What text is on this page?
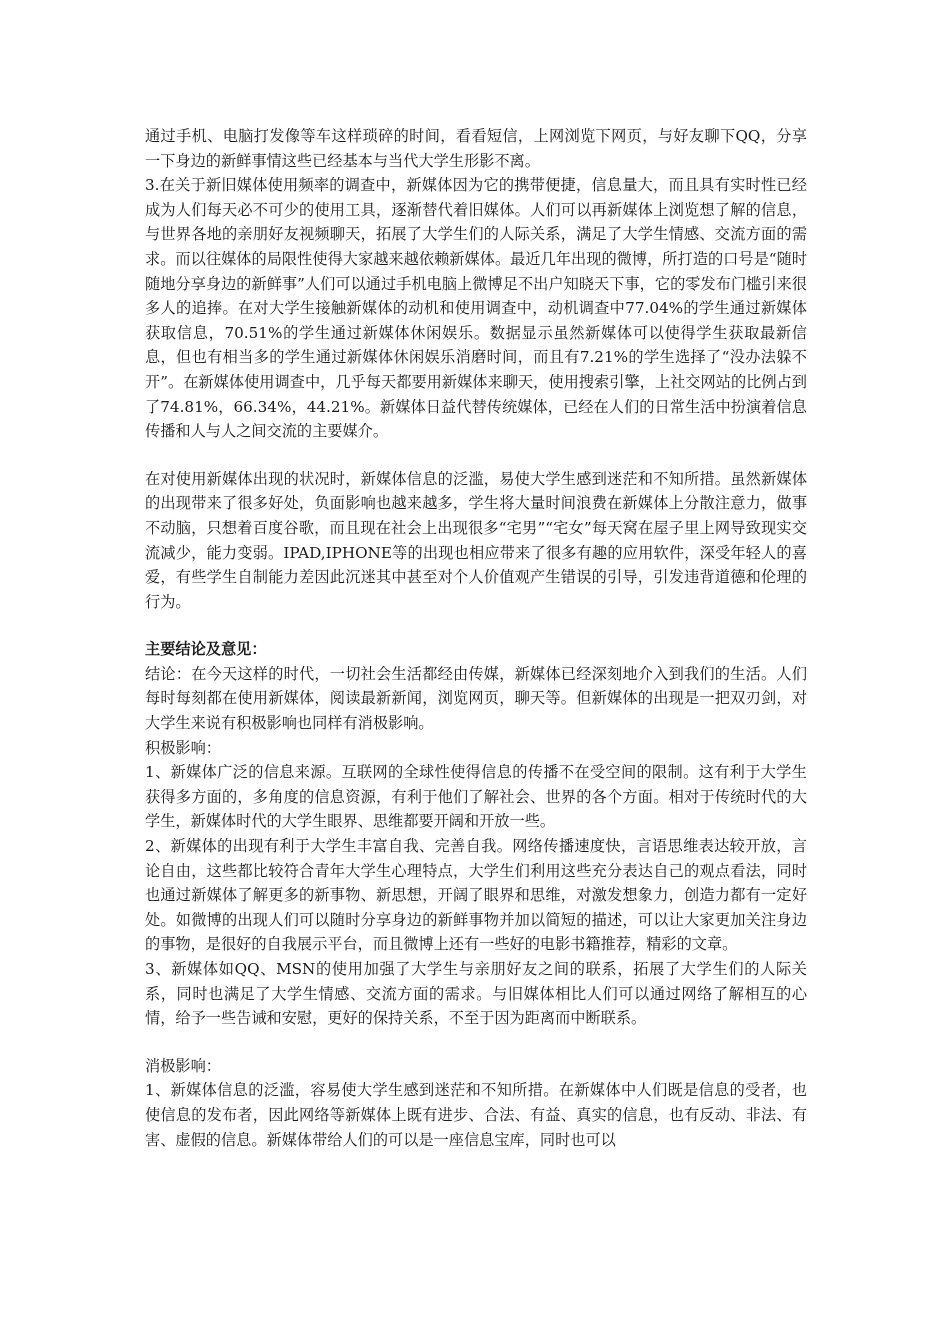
通过手机、电脑打发像等车这样琐碎的时间，看看短信，上网浏览下网页，与好友聊下QQ，分享一下身边的新鲜事情这些已经基本与当代大学生形影不离。

3.在关于新旧媒体使用频率的调查中，新媒体因为它的携带便捷，信息量大，而且具有实时性已经成为人们每天必不可少的使用工具，逐渐替代着旧媒体。人们可以再新媒体上浏览想了解的信息，与世界各地的亲朋好友视频聊天，拓展了大学生们的人际关系，满足了大学生情感、交流方面的需求。而以往媒体的局限性使得大家越来越依赖新媒体。最近几年出现的微博，所打造的口号是“随时随地分享身边的新鲜事”人们可以通过手机电脑上微博足不出户知晓天下事，它的零发布门槛引来很多人的追捧。在对大学生接触新媒体的动机和使用调查中，动机调查中77.04%的学生通过新媒体获取信息，70.51%的学生通过新媒体休闲娱乐。数据显示虽然新媒体可以使得学生获取最新信息，但也有相当多的学生通过新媒体休闲娱乐消磨时间，而且有7.21%的学生选择了“没办法躲不开”。在新媒体使用调查中，几乎每天都要用新媒体来聊天，使用搜索引擎，上社交网站的比例占到了74.81%，66.34%，44.21%。新媒体日益代替传统媒体，已经在人们的日常生活中扮演着信息传播和人与人之间交流的主要媒介。

在对使用新媒体出现的状况时，新媒体信息的泛滥，易使大学生感到迷茫和不知所措。虽然新媒体的出现带来了很多好处，负面影响也越来越多，学生将大量时间浪费在新媒体上分散注意力，做事不动脑，只想着百度谷歌，而且现在社会上出现很多“宅男”“宅女”每天窝在屋子里上网导致现实交流减少，能力变弱。IPAD,IPHONE等的出现也相应带来了很多有趣的应用软件，深受年轻人的喜爱，有些学生自制能力差因此沉迷其中甚至对个人价值观产生错误的引导，引发违背道德和伦理的行为。

主要结论及意见：

结论：在今天这样的时代，一切社会生活都经由传媒，新媒体已经深刻地介入到我们的生活。人们每时每刻都在使用新媒体，阅读最新新闻，浏览网页，聊天等。但新媒体的出现是一把双刃剑，对大学生来说有积极影响也同样有消极影响。

积极影响：

1、新媒体广泛的信息来源。互联网的全球性使得信息的传播不在受空间的限制。这有利于大学生获得多方面的，多角度的信息资源，有利于他们了解社会、世界的各个方面。相对于传统时代的大学生，新媒体时代的大学生眼界、思维都要开阔和开放一些。

2、新媒体的出现有利于大学生丰富自我、完善自我。网络传播速度快，言语思维表达较开放，言论自由，这些都比较符合青年大学生心理特点，大学生们利用这些充分表达自己的观点看法，同时也通过新媒体了解更多的新事物、新思想，开阔了眼界和思维，对激发想象力，创造力都有一定好处。如微博的出现人们可以随时分享身边的新鲜事物并加以简短的描述，可以让大家更加关注身边的事物，是很好的自我展示平台，而且微博上还有一些好的电影书籍推荐，精彩的文章。

3、新媒体如QQ、MSN的使用加强了大学生与亲朋好友之间的联系，拓展了大学生们的人际关系，同时也满足了大学生情感、交流方面的需求。与旧媒体相比人们可以通过网络了解相互的心情，给予一些告诫和安慰，更好的保持关系，不至于因为距离而中断联系。

消极影响：

1、新媒体信息的泛滥，容易使大学生感到迷茫和不知所措。在新媒体中人们既是信息的受者，也使信息的发布者，因此网络等新媒体上既有进步、合法、有益、真实的信息，也有反动、非法、有害、虚假的信息。新媒体带给人们的可以是一座信息宝库，同时也可以
